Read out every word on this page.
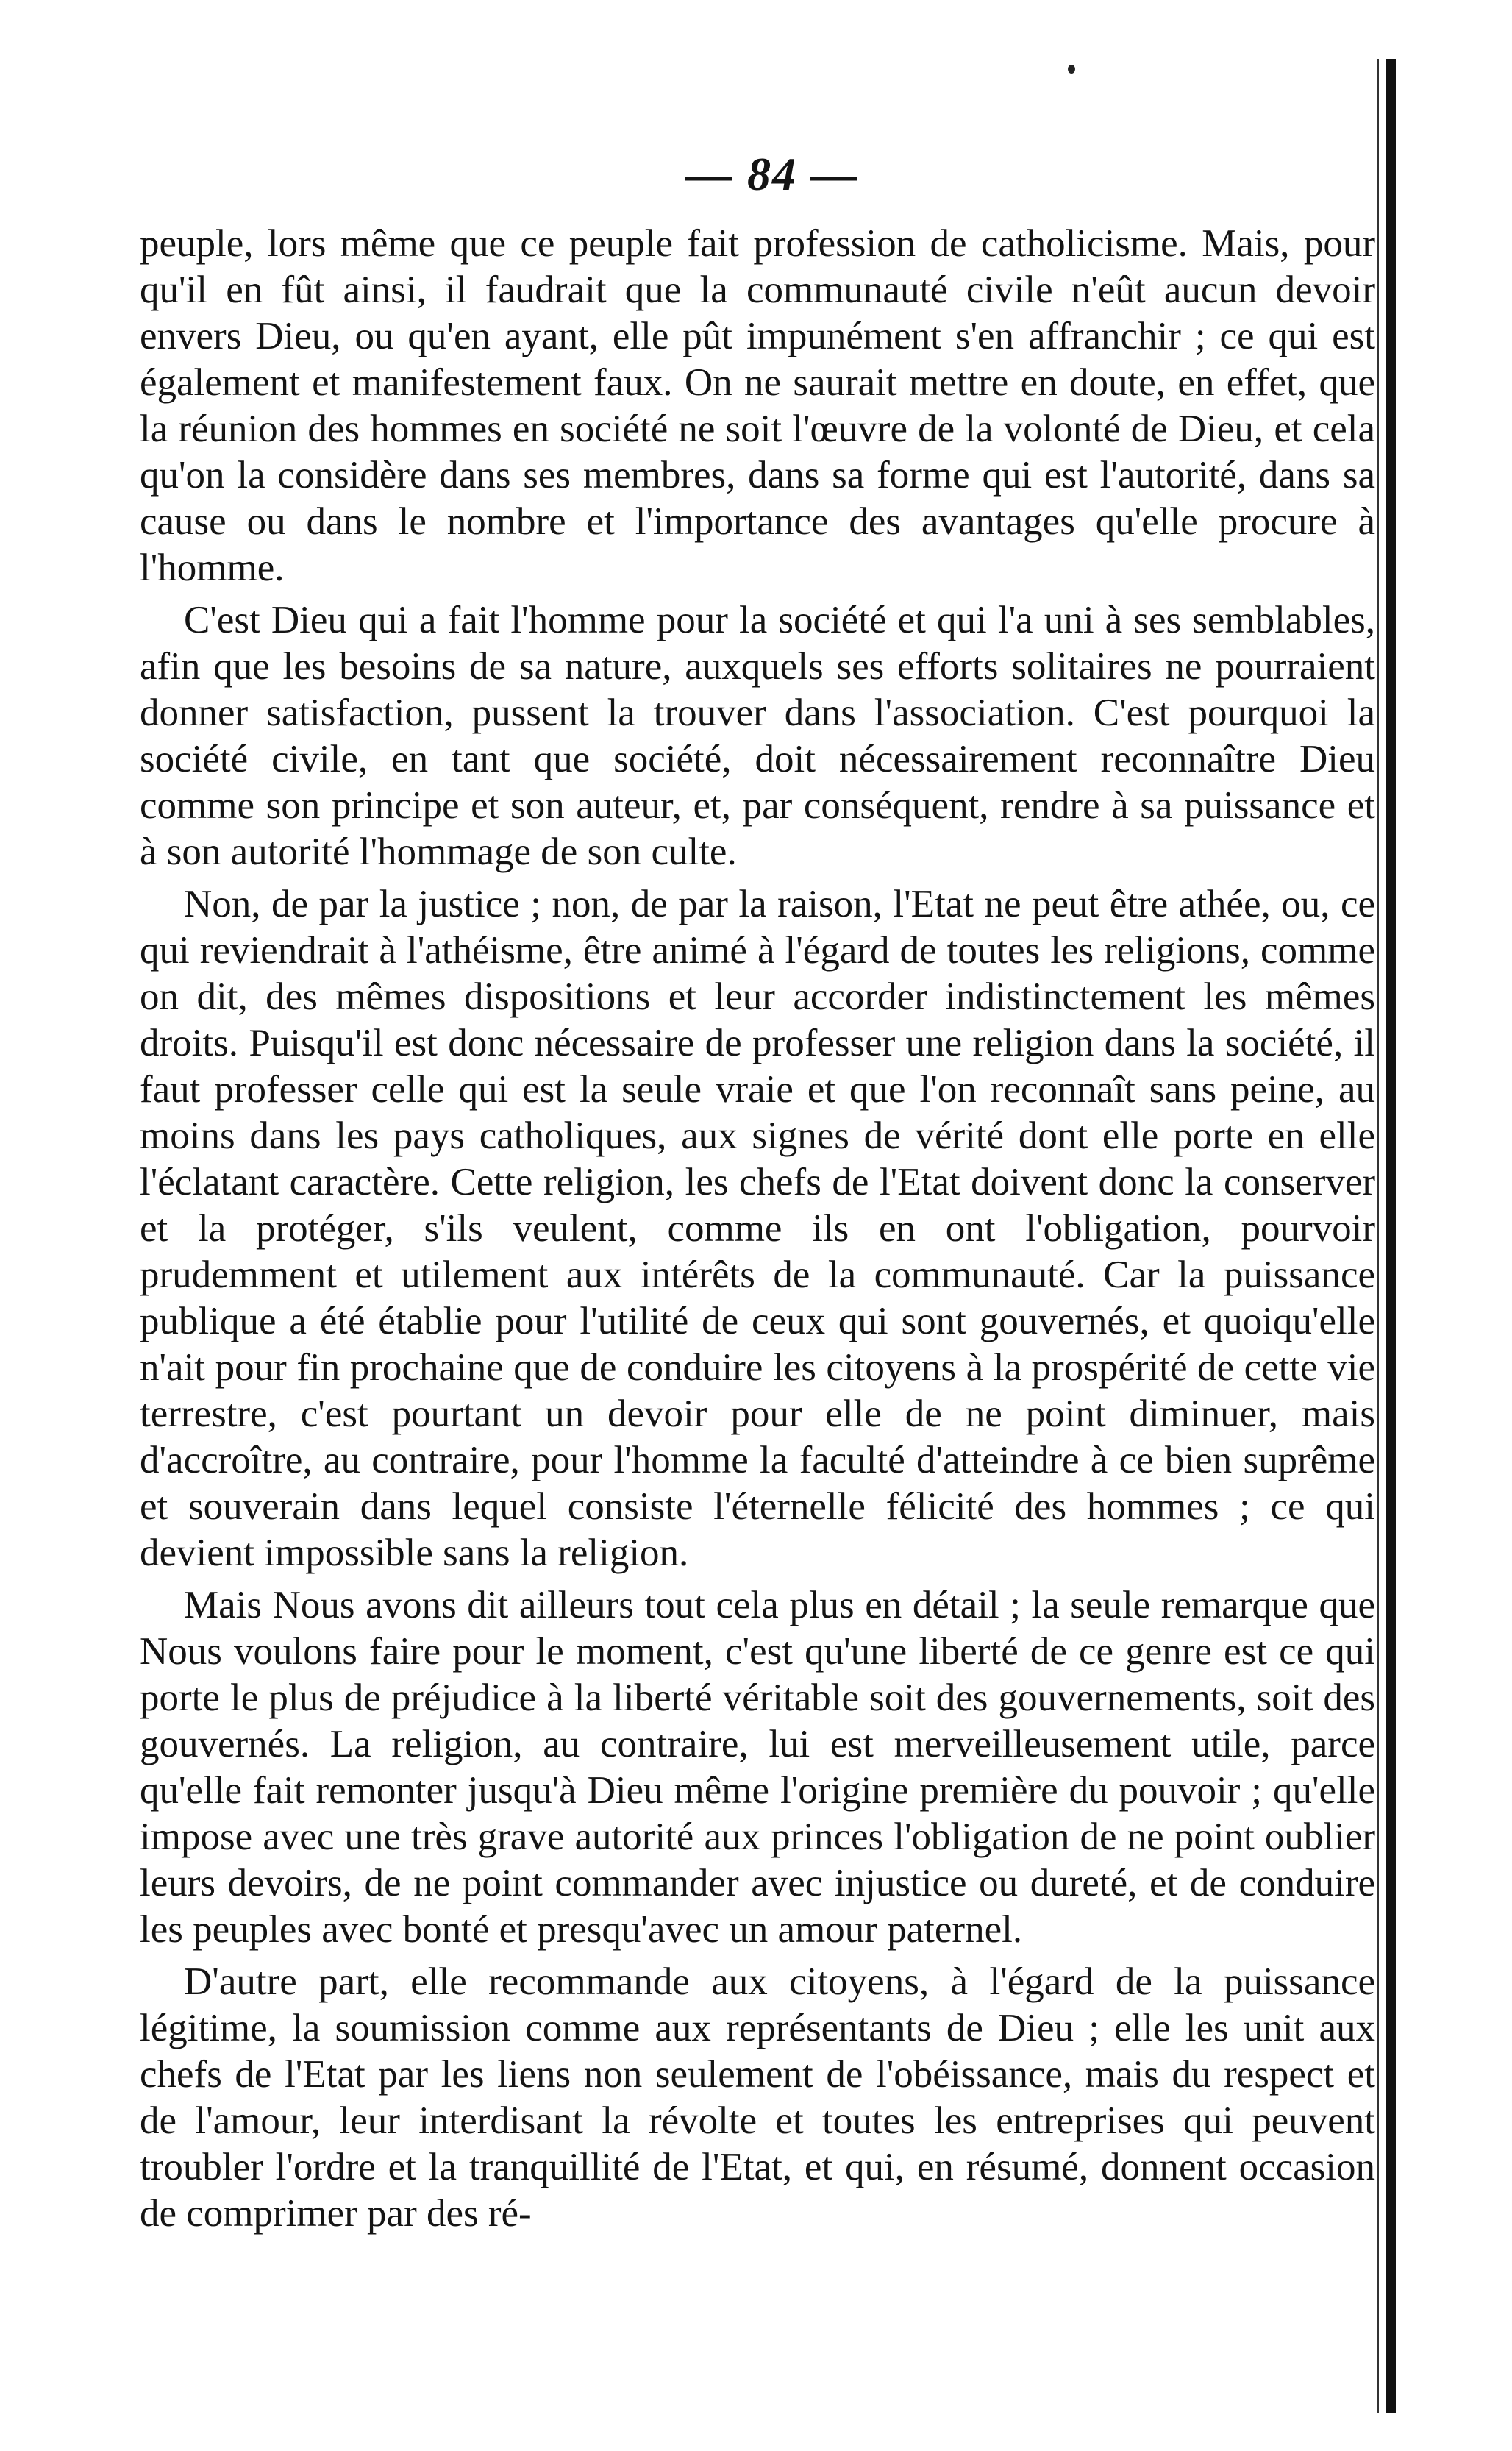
— 84 —

peuple, lors même que ce peuple fait profession de catholicisme. Mais, pour qu'il en fût ainsi, il faudrait que la communauté civile n'eût aucun devoir envers Dieu, ou qu'en ayant, elle pût impunément s'en affranchir ; ce qui est également et manifestement faux. On ne saurait mettre en doute, en effet, que la réunion des hommes en société ne soit l'œuvre de la volonté de Dieu, et cela qu'on la considère dans ses membres, dans sa forme qui est l'autorité, dans sa cause ou dans le nombre et l'importance des avantages qu'elle procure à l'homme.

C'est Dieu qui a fait l'homme pour la société et qui l'a uni à ses semblables, afin que les besoins de sa nature, auxquels ses efforts solitaires ne pourraient donner satisfaction, pussent la trouver dans l'association. C'est pourquoi la société civile, en tant que société, doit nécessairement reconnaître Dieu comme son principe et son auteur, et, par conséquent, rendre à sa puissance et à son autorité l'hommage de son culte.

Non, de par la justice ; non, de par la raison, l'Etat ne peut être athée, ou, ce qui reviendrait à l'athéisme, être animé à l'égard de toutes les religions, comme on dit, des mêmes dispositions et leur accorder indistinctement les mêmes droits. Puisqu'il est donc nécessaire de professer une religion dans la société, il faut professer celle qui est la seule vraie et que l'on reconnaît sans peine, au moins dans les pays catholiques, aux signes de vérité dont elle porte en elle l'éclatant caractère. Cette religion, les chefs de l'Etat doivent donc la conserver et la protéger, s'ils veulent, comme ils en ont l'obligation, pourvoir prudemment et utilement aux intérêts de la communauté. Car la puissance publique a été établie pour l'utilité de ceux qui sont gouvernés, et quoiqu'elle n'ait pour fin prochaine que de conduire les citoyens à la prospérité de cette vie terrestre, c'est pourtant un devoir pour elle de ne point diminuer, mais d'accroître, au contraire, pour l'homme la faculté d'atteindre à ce bien suprême et souverain dans lequel consiste l'éternelle félicité des hommes ; ce qui devient impossible sans la religion.

Mais Nous avons dit ailleurs tout cela plus en détail ; la seule remarque que Nous voulons faire pour le moment, c'est qu'une liberté de ce genre est ce qui porte le plus de préjudice à la liberté véritable soit des gouvernements, soit des gouvernés. La religion, au contraire, lui est merveilleusement utile, parce qu'elle fait remonter jusqu'à Dieu même l'origine première du pouvoir ; qu'elle impose avec une très grave autorité aux princes l'obligation de ne point oublier leurs devoirs, de ne point commander avec injustice ou dureté, et de conduire les peuples avec bonté et presqu'avec un amour paternel.

D'autre part, elle recommande aux citoyens, à l'égard de la puissance légitime, la soumission comme aux représentants de Dieu ; elle les unit aux chefs de l'Etat par les liens non seulement de l'obéissance, mais du respect et de l'amour, leur interdisant la révolte et toutes les entreprises qui peuvent troubler l'ordre et la tranquillité de l'Etat, et qui, en résumé, donnent occasion de comprimer par des ré-
